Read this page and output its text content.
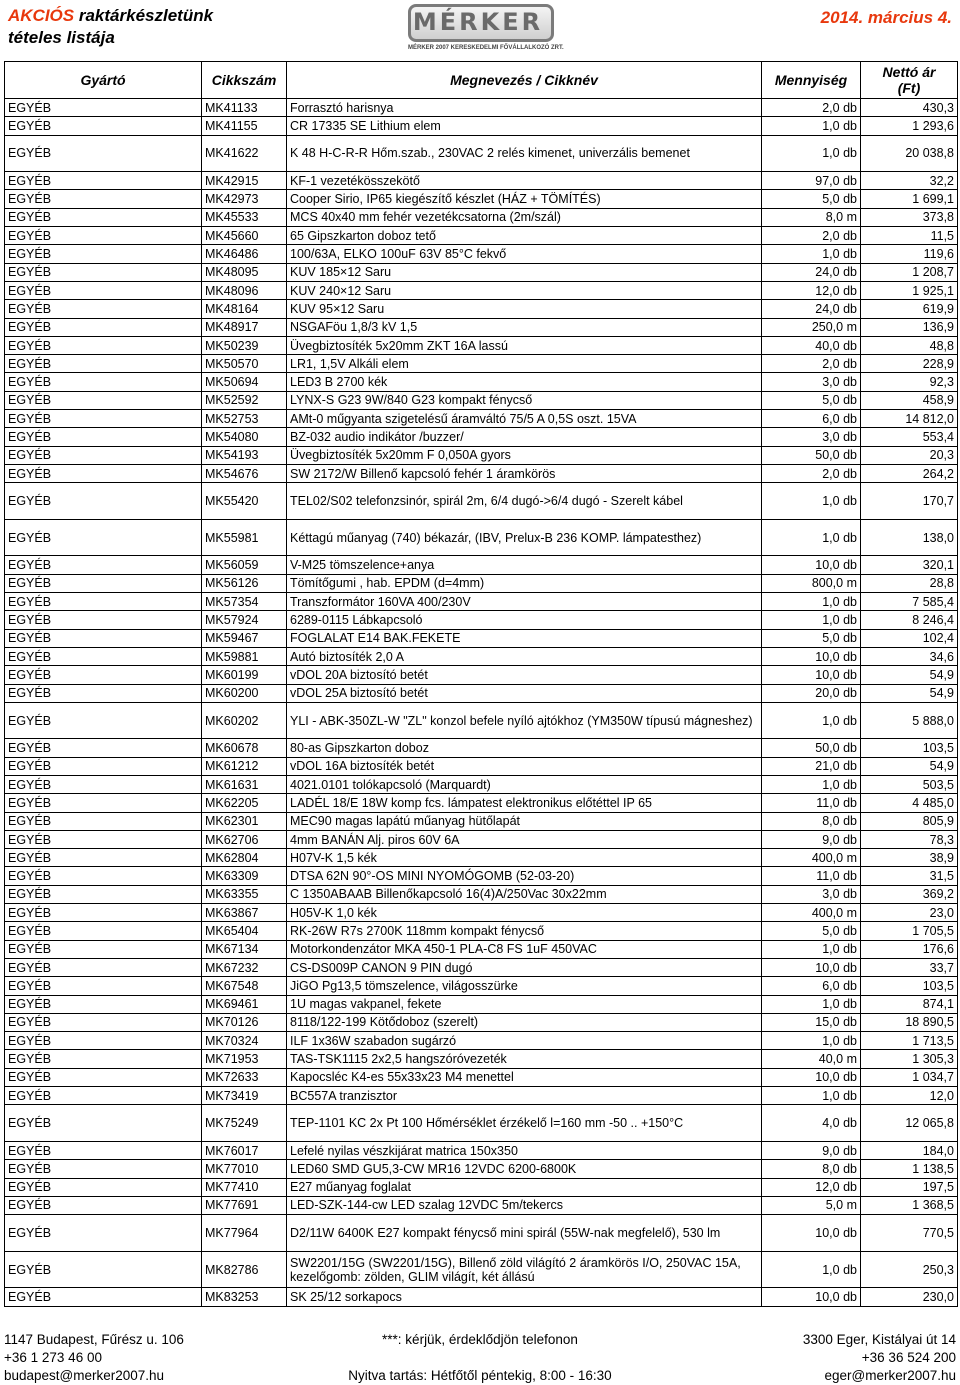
AKCIÓS raktárkészletünk
tételes listája
MÉRKER
MÉRKER 2007 KERESKEDELMI FŐVÁLLALKOZÓ ZRT.
2014. március 4.
Gyártó	Cikkszám	Megnevezés / Cikknév	Mennyiség	Nettó ár
(Ft)
EGYÉB	MK41133	Forrasztó harisnya	2,0 db	430,3
EGYÉB	MK41155	CR 17335 SE Lithium elem	1,0 db	1 293,6
EGYÉB	MK41622	K 48 H-C-R-R Hőm.szab., 230VAC 2 relés kimenet, univerzális bemenet	1,0 db	20 038,8
EGYÉB	MK42915	KF-1 vezetékösszekötő	97,0 db	32,2
EGYÉB	MK42973	Cooper Sirio, IP65 kiegészítő készlet (HÁZ + TÖMÍTÉS)	5,0 db	1 699,1
EGYÉB	MK45533	MCS 40x40 mm fehér vezetékcsatorna (2m/szál)	8,0 m	373,8
EGYÉB	MK45660	65 Gipszkarton doboz tető	2,0 db	11,5
EGYÉB	MK46486	100/63A, ELKO 100uF 63V 85°C fekvő	1,0 db	119,6
EGYÉB	MK48095	KUV 185×12 Saru	24,0 db	1 208,7
EGYÉB	MK48096	KUV 240×12 Saru	12,0 db	1 925,1
EGYÉB	MK48164	KUV 95×12 Saru	24,0 db	619,9
EGYÉB	MK48917	NSGAFöu 1,8/3 kV 1,5	250,0 m	136,9
EGYÉB	MK50239	Üvegbiztosíték 5x20mm ZKT 16A lassú	40,0 db	48,8
EGYÉB	MK50570	LR1, 1,5V Alkáli elem	2,0 db	228,9
EGYÉB	MK50694	LED3 B 2700 kék	3,0 db	92,3
EGYÉB	MK52592	LYNX-S G23 9W/840 G23 kompakt fénycső	5,0 db	458,9
EGYÉB	MK52753	AMt-0 műgyanta szigetelésű áramváltó 75/5 A 0,5S oszt. 15VA	6,0 db	14 812,0
EGYÉB	MK54080	BZ-032 audio indikátor /buzzer/	3,0 db	553,4
EGYÉB	MK54193	Üvegbiztosíték 5x20mm F 0,050A gyors	50,0 db	20,3
EGYÉB	MK54676	SW 2172/W Billenő kapcsoló fehér 1 áramkörös	2,0 db	264,2
EGYÉB	MK55420	TEL02/S02 telefonzsinór, spirál 2m, 6/4 dugó->6/4 dugó - Szerelt kábel	1,0 db	170,7
EGYÉB	MK55981	Kéttagú műanyag (740) békazár, (IBV, Prelux-B 236 KOMP. lámpatesthez)	1,0 db	138,0
EGYÉB	MK56059	V-M25 tömszelence+anya	10,0 db	320,1
EGYÉB	MK56126	Tömítőgumi , hab. EPDM (d=4mm)	800,0 m	28,8
EGYÉB	MK57354	Transzformátor 160VA 400/230V	1,0 db	7 585,4
EGYÉB	MK57924	6289-0115 Lábkapcsoló	1,0 db	8 246,4
EGYÉB	MK59467	FOGLALAT E14 BAK.FEKETE	5,0 db	102,4
EGYÉB	MK59881	Autó biztosíték 2,0 A	10,0 db	34,6
EGYÉB	MK60199	vDOL 20A biztosító betét	10,0 db	54,9
EGYÉB	MK60200	vDOL 25A biztosító betét	20,0 db	54,9
EGYÉB	MK60202	YLI - ABK-350ZL-W "ZL" konzol befele nyíló ajtókhoz (YM350W típusú mágneshez)	1,0 db	5 888,0
EGYÉB	MK60678	80-as Gipszkarton doboz	50,0 db	103,5
EGYÉB	MK61212	vDOL 16A biztosíték betét	21,0 db	54,9
EGYÉB	MK61631	4021.0101 tolókapcsoló (Marquardt)	1,0 db	503,5
EGYÉB	MK62205	LADÉL 18/E 18W komp fcs. lámpatest elektronikus előtéttel IP 65	11,0 db	4 485,0
EGYÉB	MK62301	MEC90 magas lapátú műanyag hütőlapát	8,0 db	805,9
EGYÉB	MK62706	4mm BANÁN Alj. piros 60V 6A	9,0 db	78,3
EGYÉB	MK62804	H07V-K 1,5 kék	400,0 m	38,9
EGYÉB	MK63309	DTSA 62N 90°-OS MINI NYOMÓGOMB (52-03-20)	11,0 db	31,5
EGYÉB	MK63355	C 1350ABAAB Billenőkapcsoló 16(4)A/250Vac 30x22mm	3,0 db	369,2
EGYÉB	MK63867	H05V-K 1,0 kék	400,0 m	23,0
EGYÉB	MK65404	RK-26W R7s 2700K 118mm kompakt fénycső	5,0 db	1 705,5
EGYÉB	MK67134	Motorkondenzátor MKA 450-1 PLA-C8 FS 1uF 450VAC	1,0 db	176,6
EGYÉB	MK67232	CS-DS009P CANON 9 PIN dugó	10,0 db	33,7
EGYÉB	MK67548	JiGO Pg13,5 tömszelence, világosszürke	6,0 db	103,5
EGYÉB	MK69461	1U magas vakpanel, fekete	1,0 db	874,1
EGYÉB	MK70126	8118/122-199 Kötődoboz (szerelt)	15,0 db	18 890,5
EGYÉB	MK70324	ILF 1x36W szabadon sugárzó	1,0 db	1 713,5
EGYÉB	MK71953	TAS-TSK1115 2x2,5 hangszóróvezeték	40,0 m	1 305,3
EGYÉB	MK72633	Kapocsléc K4-es 55x33x23 M4 menettel	10,0 db	1 034,7
EGYÉB	MK73419	BC557A tranzisztor	1,0 db	12,0
EGYÉB	MK75249	TEP-1101 KC 2x Pt 100 Hőmérséklet érzékelő l=160 mm -50 .. +150°C	4,0 db	12 065,8
EGYÉB	MK76017	Lefelé nyilas vészkijárat matrica 150x350	9,0 db	184,0
EGYÉB	MK77010	LED60 SMD GU5,3-CW MR16 12VDC 6200-6800K	8,0 db	1 138,5
EGYÉB	MK77410	E27 műanyag foglalat	12,0 db	197,5
EGYÉB	MK77691	LED-SZK-144-cw LED szalag 12VDC 5m/tekercs	5,0 m	1 368,5
EGYÉB	MK77964	D2/11W 6400K E27 kompakt fénycső mini spirál (55W-nak megfelelő), 530 lm	10,0 db	770,5
EGYÉB	MK82786	SW2201/15G (SW2201/15G), Billenő zöld világító 2 áramkörös I/O, 250VAC 15A, kezelőgomb: zölden, GLIM világít, két állású	1,0 db	250,3
EGYÉB	MK83253	SK 25/12 sorkapocs	10,0 db	230,0
1147 Budapest, Fűrész u. 106
+36 1 273 46 00
budapest@merker2007.hu
***: kérjük, érdeklődjön telefonon
Nyitva tartás: Hétfőtől péntekig, 8:00 - 16:30
3300 Eger, Kistályai út 14
+36 36 524 200
eger@merker2007.hu
